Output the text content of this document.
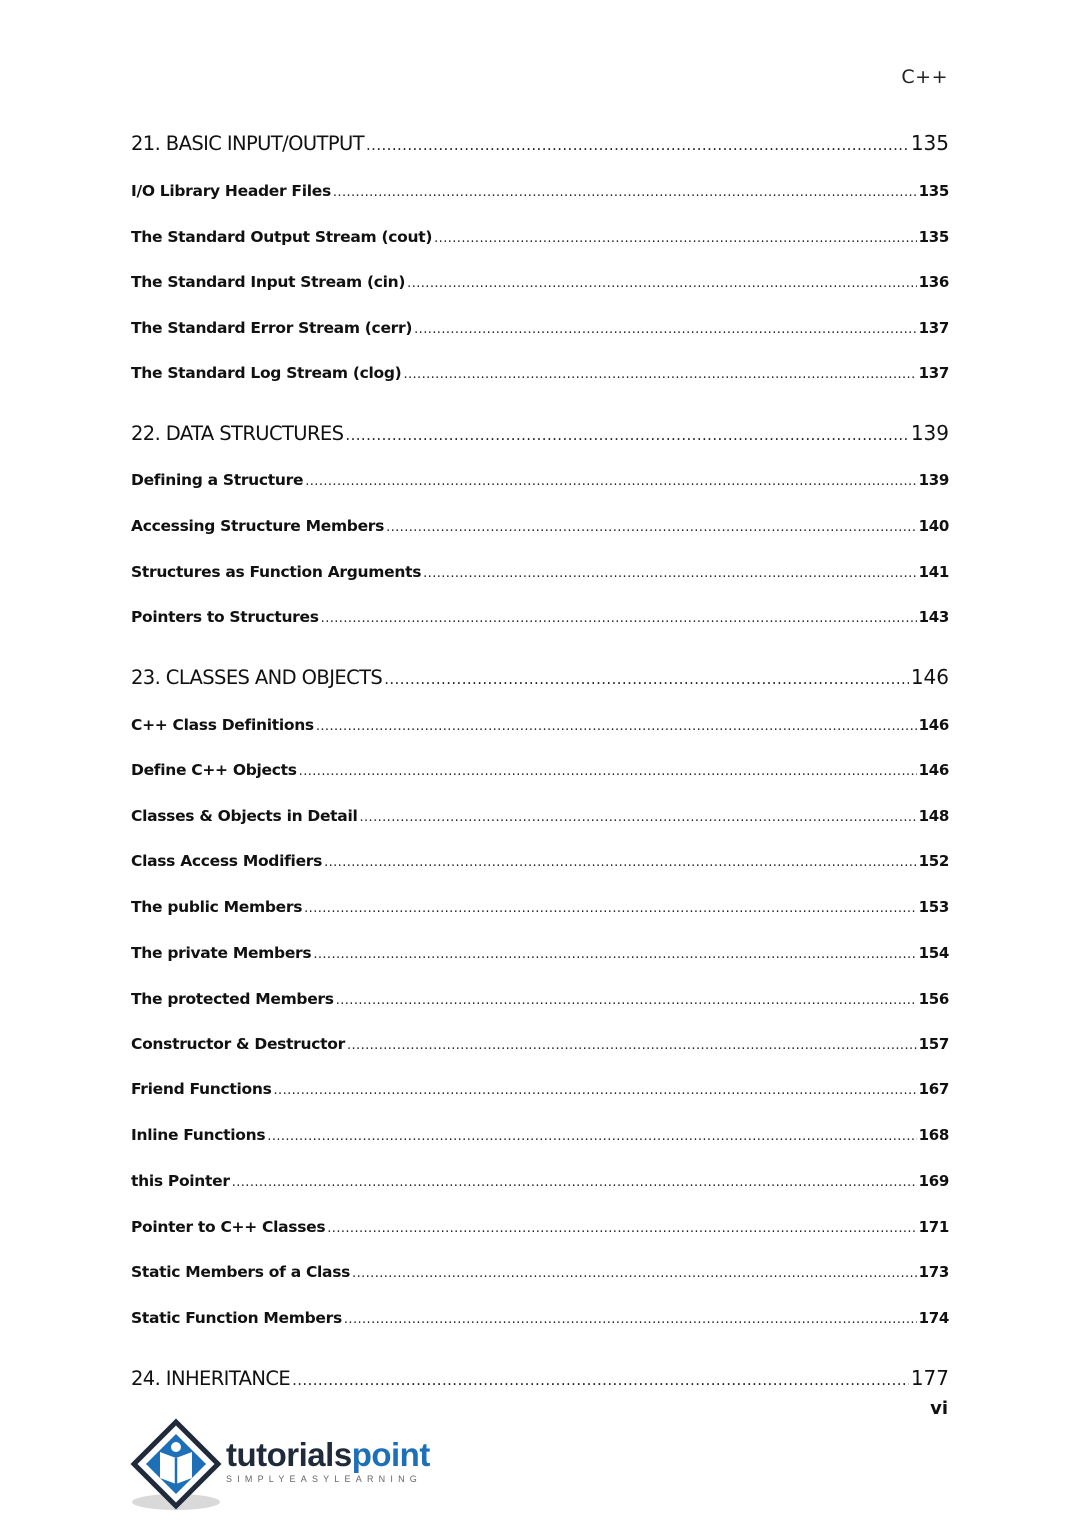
C++
21. BASIC INPUT/OUTPUT .....	135
I/O Library Header Files .....	135
The Standard Output Stream (cout) .....	135
The Standard Input Stream (cin) .....	136
The Standard Error Stream (cerr) .....	137
The Standard Log Stream (clog) .....	137
22. DATA STRUCTURES .....	139
Defining a Structure .....	139
Accessing Structure Members .....	140
Structures as Function Arguments .....	141
Pointers to Structures .....	143
23. CLASSES AND OBJECTS .....	146
C++ Class Definitions .....	146
Define C++ Objects .....	146
Classes & Objects in Detail .....	148
Class Access Modifiers .....	152
The public Members .....	153
The private Members .....	154
The protected Members .....	156
Constructor & Destructor .....	157
Friend Functions .....	167
Inline Functions .....	168
this Pointer .....	169
Pointer to C++ Classes .....	171
Static Members of a Class .....	173
Static Function Members .....	174
24. INHERITANCE .....	177
vi
tutorialspoint
SIMPLYEASYLEARNING
